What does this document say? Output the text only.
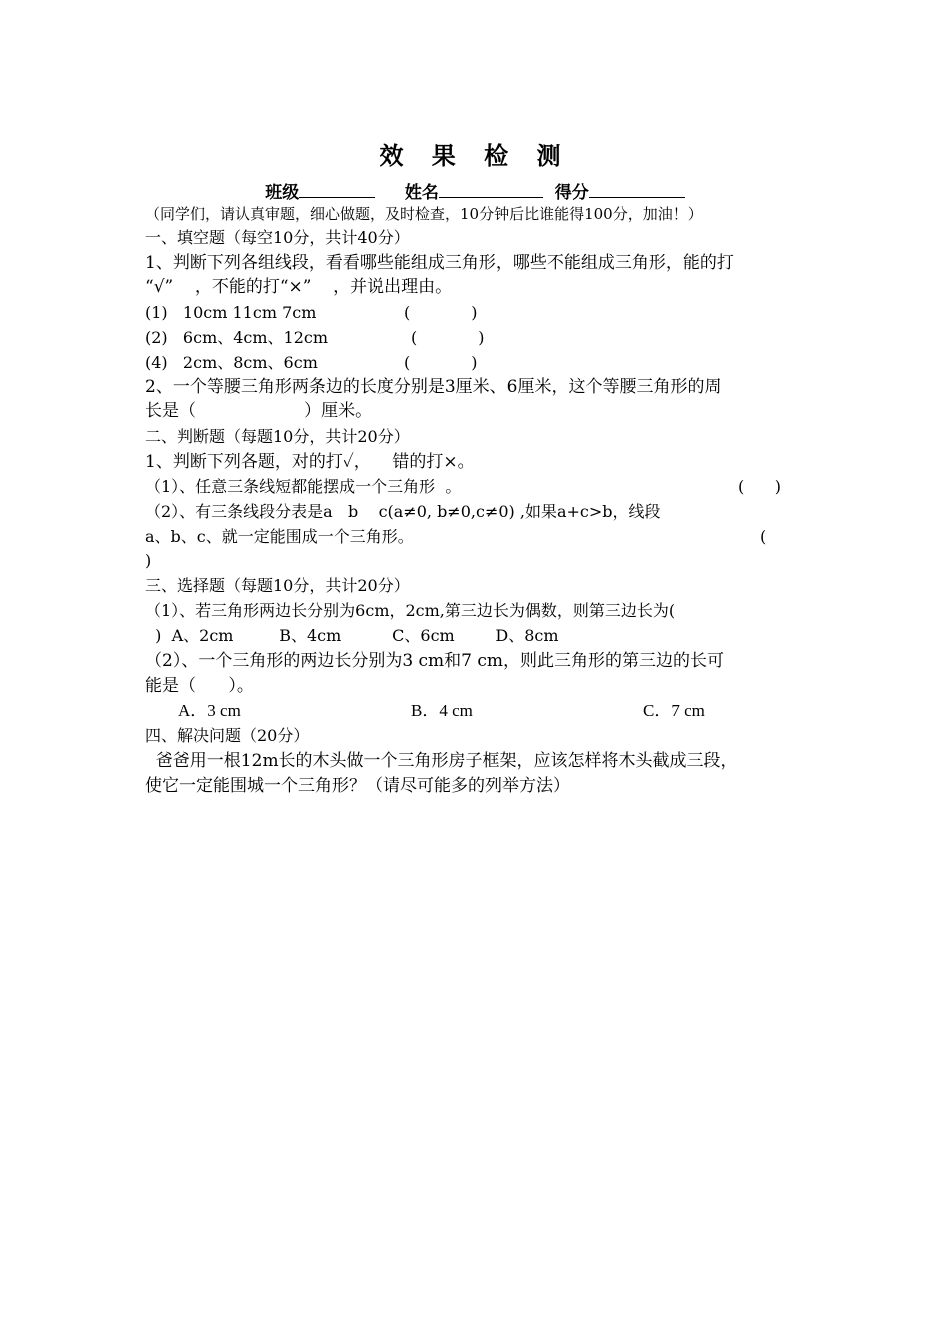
效 果 检 测
班级	姓名	得分
（同学们，请认真审题，细心做题，及时检查，10分钟后比谁能得100分，加油！）
一、填空题（每空10分，共计40分）
1、判断下列各组线段，看看哪些能组成三角形，哪些不能组成三角形，能的打
“√”    ，不能的打“×”    ，并说出理由。
(1)   10cm 11cm 7cm	(            )
(2)   6cm、4cm、12cm	(            )
(4)   2cm、8cm、6cm	(            )
2、一个等腰三角形两条边的长度分别是3厘米、6厘米，这个等腰三角形的周
长是（                    ）厘米。
二、判断题（每题10分，共计20分）
1、判断下列各题，对的打✓，    错的打×。
（1）、任意三条线短都能摆成一个三角形  。	(      )
（2）、有三条线段分表是a   b    c(a≠0, b≠0,c≠0) ,如果a+c>b，线段
a、b、c、就一定能围成一个三角形。	(
)
三、选择题（每题10分，共计20分）
（1）、若三角形两边长分别为6cm，2cm,第三边长为偶数，则第三边长为(
)  A、2cm         B、4cm          C、6cm        D、8cm
（2）、一个三角形的两边长分别为3 cm和7 cm，则此三角形的第三边的长可
能是（      ）。
A．3 cm	B．4 cm	C．7 cm
四、解决问题（20分）
爸爸用一根12m长的木头做一个三角形房子框架，应该怎样将木头截成三段，
使它一定能围城一个三角形？（请尽可能多的列举方法）
